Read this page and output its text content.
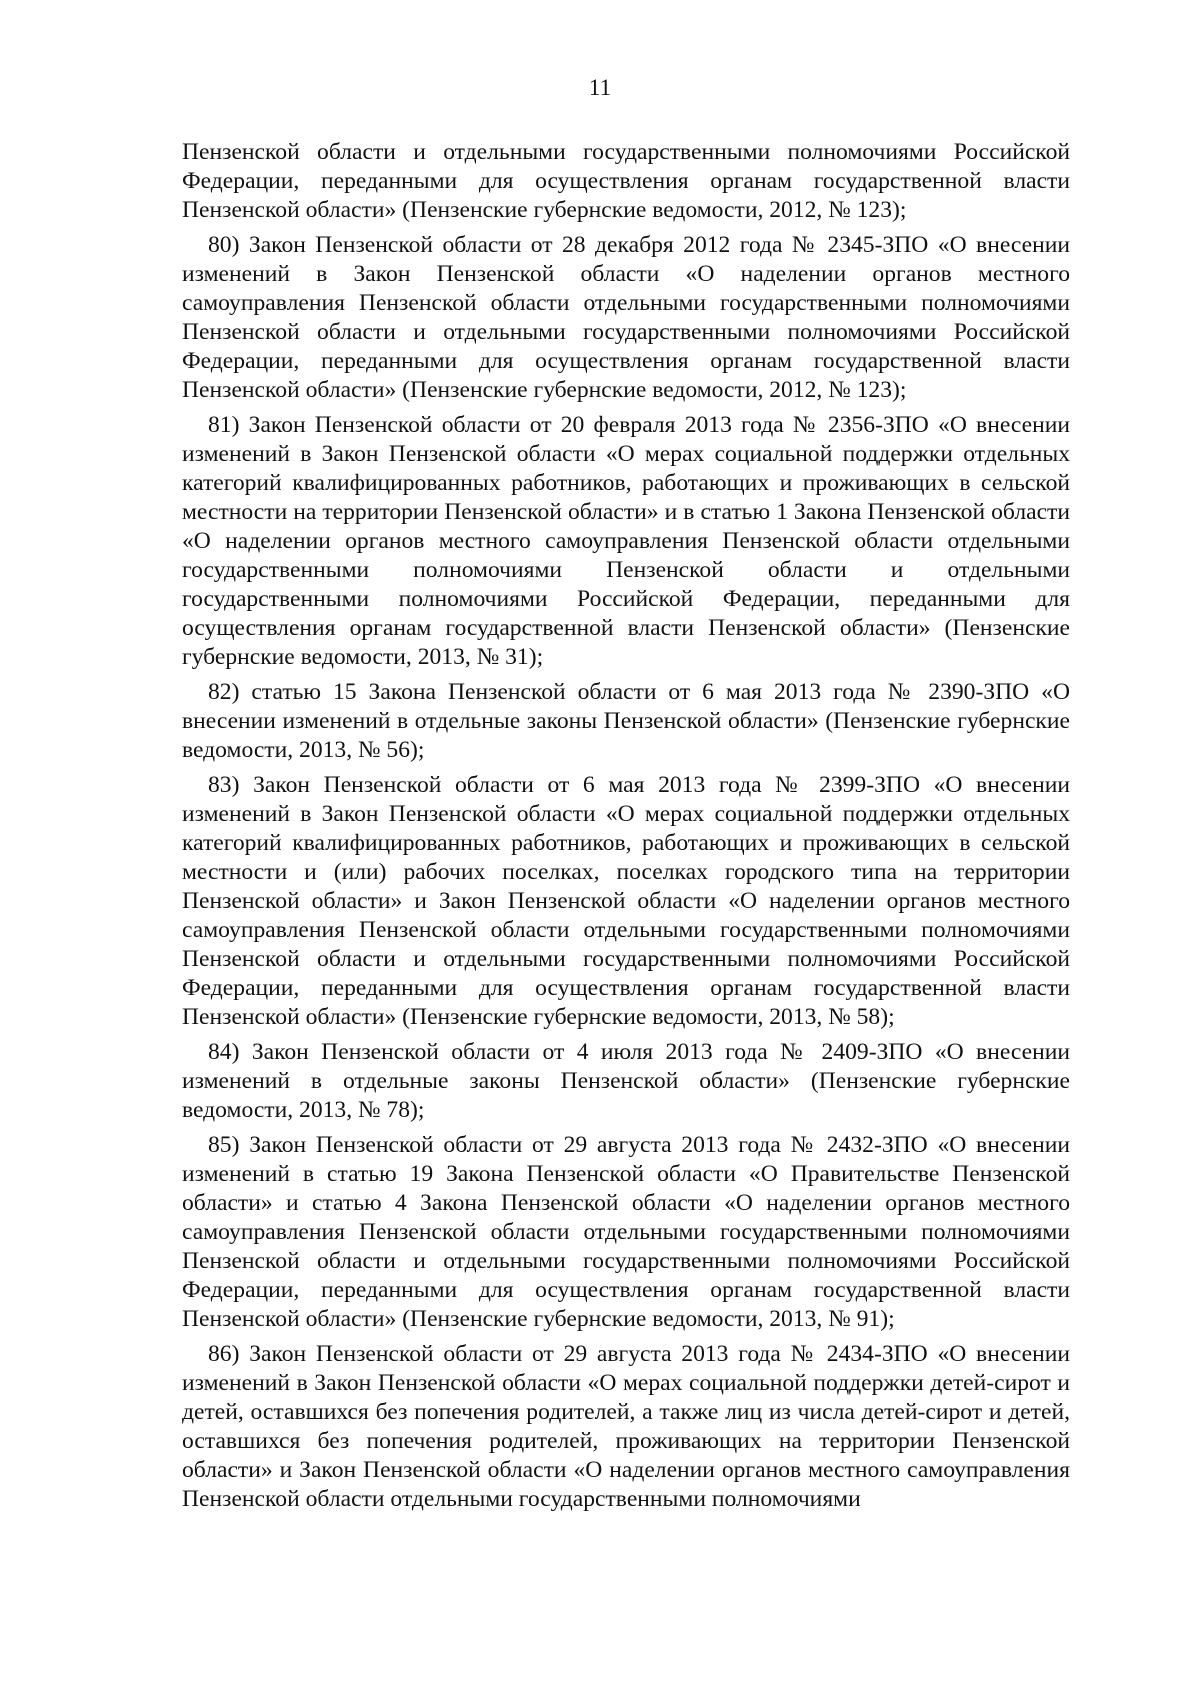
11

Пензенской области и отдельными государственными полномочиями Российской Федерации, переданными для осуществления органам государственной власти Пензенской области» (Пензенские губернские ведомости, 2012, № 123);

80) Закон Пензенской области от 28 декабря 2012 года № 2345-ЗПО «О внесении изменений в Закон Пензенской области «О наделении органов местного самоуправления Пензенской области отдельными государственными полномочиями Пензенской области и отдельными государственными полномочиями Российской Федерации, переданными для осуществления органам государственной власти Пензенской области» (Пензенские губернские ведомости, 2012, № 123);

81) Закон Пензенской области от 20 февраля 2013 года № 2356-ЗПО «О внесении изменений в Закон Пензенской области «О мерах социальной поддержки отдельных категорий квалифицированных работников, работающих и проживающих в сельской местности на территории Пензенской области» и в статью 1 Закона Пензенской области «О наделении органов местного самоуправления Пензенской области отдельными государственными полномочиями Пензенской области и отдельными государственными полномочиями Российской Федерации, переданными для осуществления органам государственной власти Пензенской области» (Пензенские губернские ведомости, 2013, № 31);

82) статью 15 Закона Пензенской области от 6 мая 2013 года № 2390-ЗПО «О внесении изменений в отдельные законы Пензенской области» (Пензенские губернские ведомости, 2013, № 56);

83) Закон Пензенской области от 6 мая 2013 года № 2399-ЗПО «О внесении изменений в Закон Пензенской области «О мерах социальной поддержки отдельных категорий квалифицированных работников, работающих и проживающих в сельской местности и (или) рабочих поселках, поселках городского типа на территории Пензенской области» и Закон Пензенской области «О наделении органов местного самоуправления Пензенской области отдельными государственными полномочиями Пензенской области и отдельными государственными полномочиями Российской Федерации, переданными для осуществления органам государственной власти Пензенской области» (Пензенские губернские ведомости, 2013, № 58);

84) Закон Пензенской области от 4 июля 2013 года № 2409-ЗПО «О внесении изменений в отдельные законы Пензенской области» (Пензенские губернские ведомости, 2013, № 78);

85) Закон Пензенской области от 29 августа 2013 года № 2432-ЗПО «О внесении изменений в статью 19 Закона Пензенской области «О Правительстве Пензенской области» и статью 4 Закона Пензенской области «О наделении органов местного самоуправления Пензенской области отдельными государственными полномочиями Пензенской области и отдельными государственными полномочиями Российской Федерации, переданными для осуществления органам государственной власти Пензенской области» (Пензенские губернские ведомости, 2013, № 91);

86) Закон Пензенской области от 29 августа 2013 года № 2434-ЗПО «О внесении изменений в Закон Пензенской области «О мерах социальной поддержки детей-сирот и детей, оставшихся без попечения родителей, а также лиц из числа детей-сирот и детей, оставшихся без попечения родителей, проживающих на территории Пензенской области» и Закон Пензенской области «О наделении органов местного самоуправления Пензенской области отдельными государственными полномочиями
